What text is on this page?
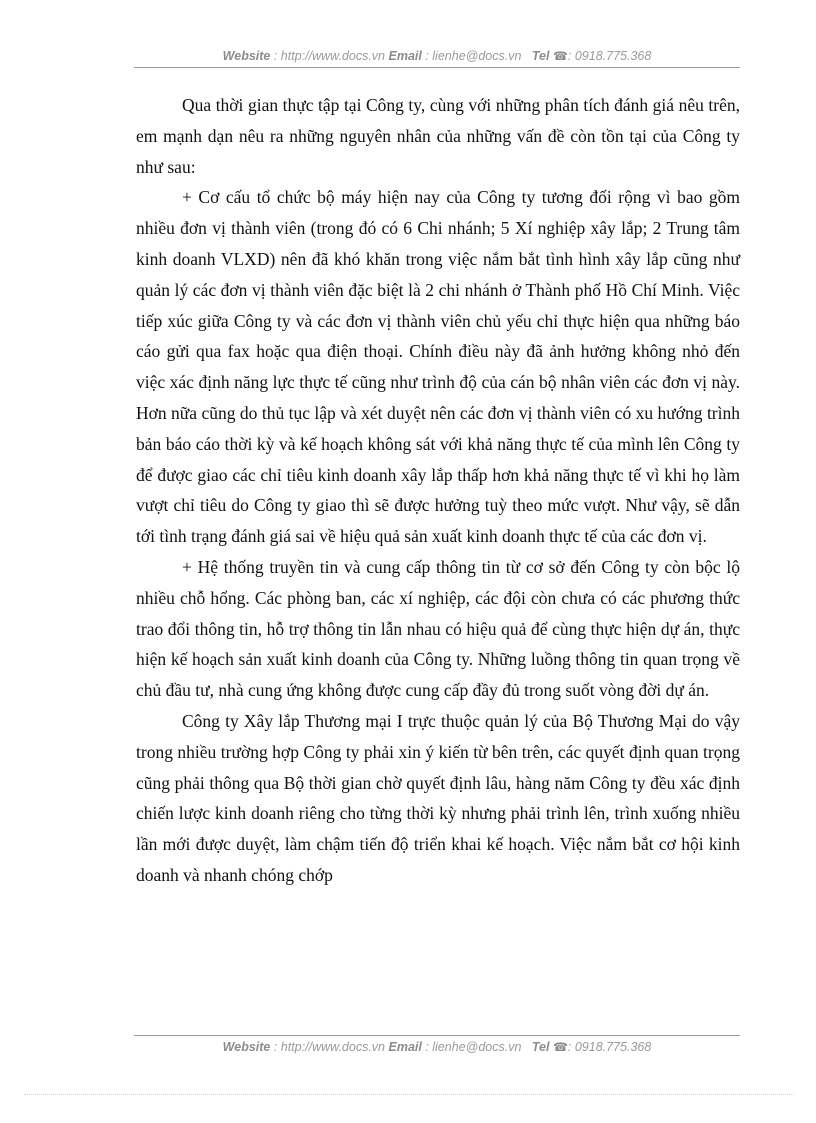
Website : http://www.docs.vn Email : lienhe@docs.vn Tel ☎: 0918.775.368

Qua thời gian thực tập tại Công ty, cùng với những phân tích đánh giá nêu trên, em mạnh dạn nêu ra những nguyên nhân của những vấn đề còn tồn tại của Công ty như sau:

+ Cơ cấu tổ chức bộ máy hiện nay của Công ty tương đối rộng vì bao gồm nhiều đơn vị thành viên (trong đó có 6 Chi nhánh; 5 Xí nghiệp xây lắp; 2 Trung tâm kinh doanh VLXD) nên đã khó khăn trong việc nắm bắt tình hình xây lắp cũng như quản lý các đơn vị thành viên đặc biệt là 2 chi nhánh ở Thành phố Hồ Chí Minh. Việc tiếp xúc giữa Công ty và các đơn vị thành viên chủ yếu chỉ thực hiện qua những báo cáo gửi qua fax hoặc qua điện thoại. Chính điều này đã ảnh hưởng không nhỏ đến việc xác định năng lực thực tế cũng như trình độ của cán bộ nhân viên các đơn vị này. Hơn nữa cũng do thủ tục lập và xét duyệt nên các đơn vị thành viên có xu hướng trình bản báo cáo thời kỳ và kế hoạch không sát với khả năng thực tế của mình lên Công ty để được giao các chỉ tiêu kinh doanh xây lắp thấp hơn khả năng thực tế vì khi họ làm vượt chỉ tiêu do Công ty giao thì sẽ được hưởng tuỳ theo mức vượt. Như vậy, sẽ dẫn tới tình trạng đánh giá sai về hiệu quả sản xuất kinh doanh thực tế của các đơn vị.

+ Hệ thống truyền tin và cung cấp thông tin từ cơ sở đến Công ty còn bộc lộ nhiều chỗ hổng. Các phòng ban, các xí nghiệp, các đội còn chưa có các phương thức trao đổi thông tin, hỗ trợ thông tin lẫn nhau có hiệu quả để cùng thực hiện dự án, thực hiện kế hoạch sản xuất kinh doanh của Công ty. Những luồng thông tin quan trọng về chủ đầu tư, nhà cung ứng không được cung cấp đầy đủ trong suốt vòng đời dự án.

Công ty Xây lắp Thương mại I trực thuộc quản lý của Bộ Thương Mại do vậy trong nhiều trường hợp Công ty phải xin ý kiến từ bên trên, các quyết định quan trọng cũng phải thông qua Bộ thời gian chờ quyết định lâu, hàng năm Công ty đều xác định chiến lược kinh doanh riêng cho từng thời kỳ nhưng phải trình lên, trình xuống nhiều lần mới được duyệt, làm chậm tiến độ triển khai kế hoạch. Việc nắm bắt cơ hội kinh doanh và nhanh chóng chớp

Website : http://www.docs.vn Email : lienhe@docs.vn Tel ☎: 0918.775.368
